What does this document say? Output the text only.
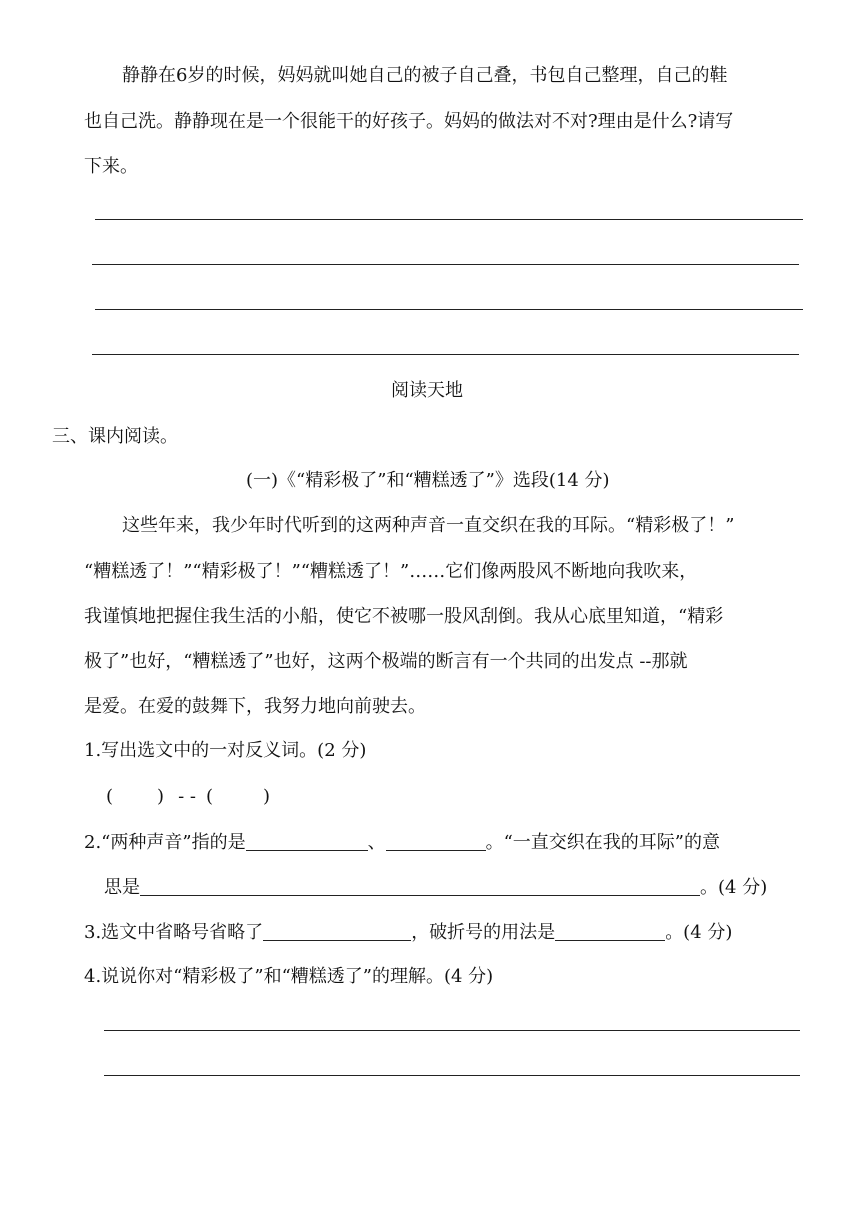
静静在6岁的时候，妈妈就叫她自己的被子自己叠，书包自己整理，自己的鞋
也自己洗。静静现在是一个很能干的好孩子。妈妈的做法对不对?理由是什么?请写
下来。
阅读天地
三、课内阅读。
(一)《“精彩极了”和“糟糕透了”》选段(14 分)
这些年来，我少年时代听到的这两种声音一直交织在我的耳际。“精彩极了！”
“糟糕透了！”“精彩极了！”“糟糕透了！”……它们像两股风不断地向我吹来，
我谨慎地把握住我生活的小船，使它不被哪一股风刮倒。我从心底里知道，“精彩
极了”也好，“糟糕透了”也好，这两个极端的断言有一个共同的出发点 --那就
是爱。在爱的鼓舞下，我努力地向前驶去。
1.写出选文中的一对反义词。(2 分)
( ) - - (	)
2.“两种声音”指的是	、	。“一直交织在我的耳际”的意
思是	。(4 分)
3.选文中省略号省略了	，破折号的用法是	。(4 分)
4.说说你对“精彩极了”和“糟糕透了”的理解。(4 分)
